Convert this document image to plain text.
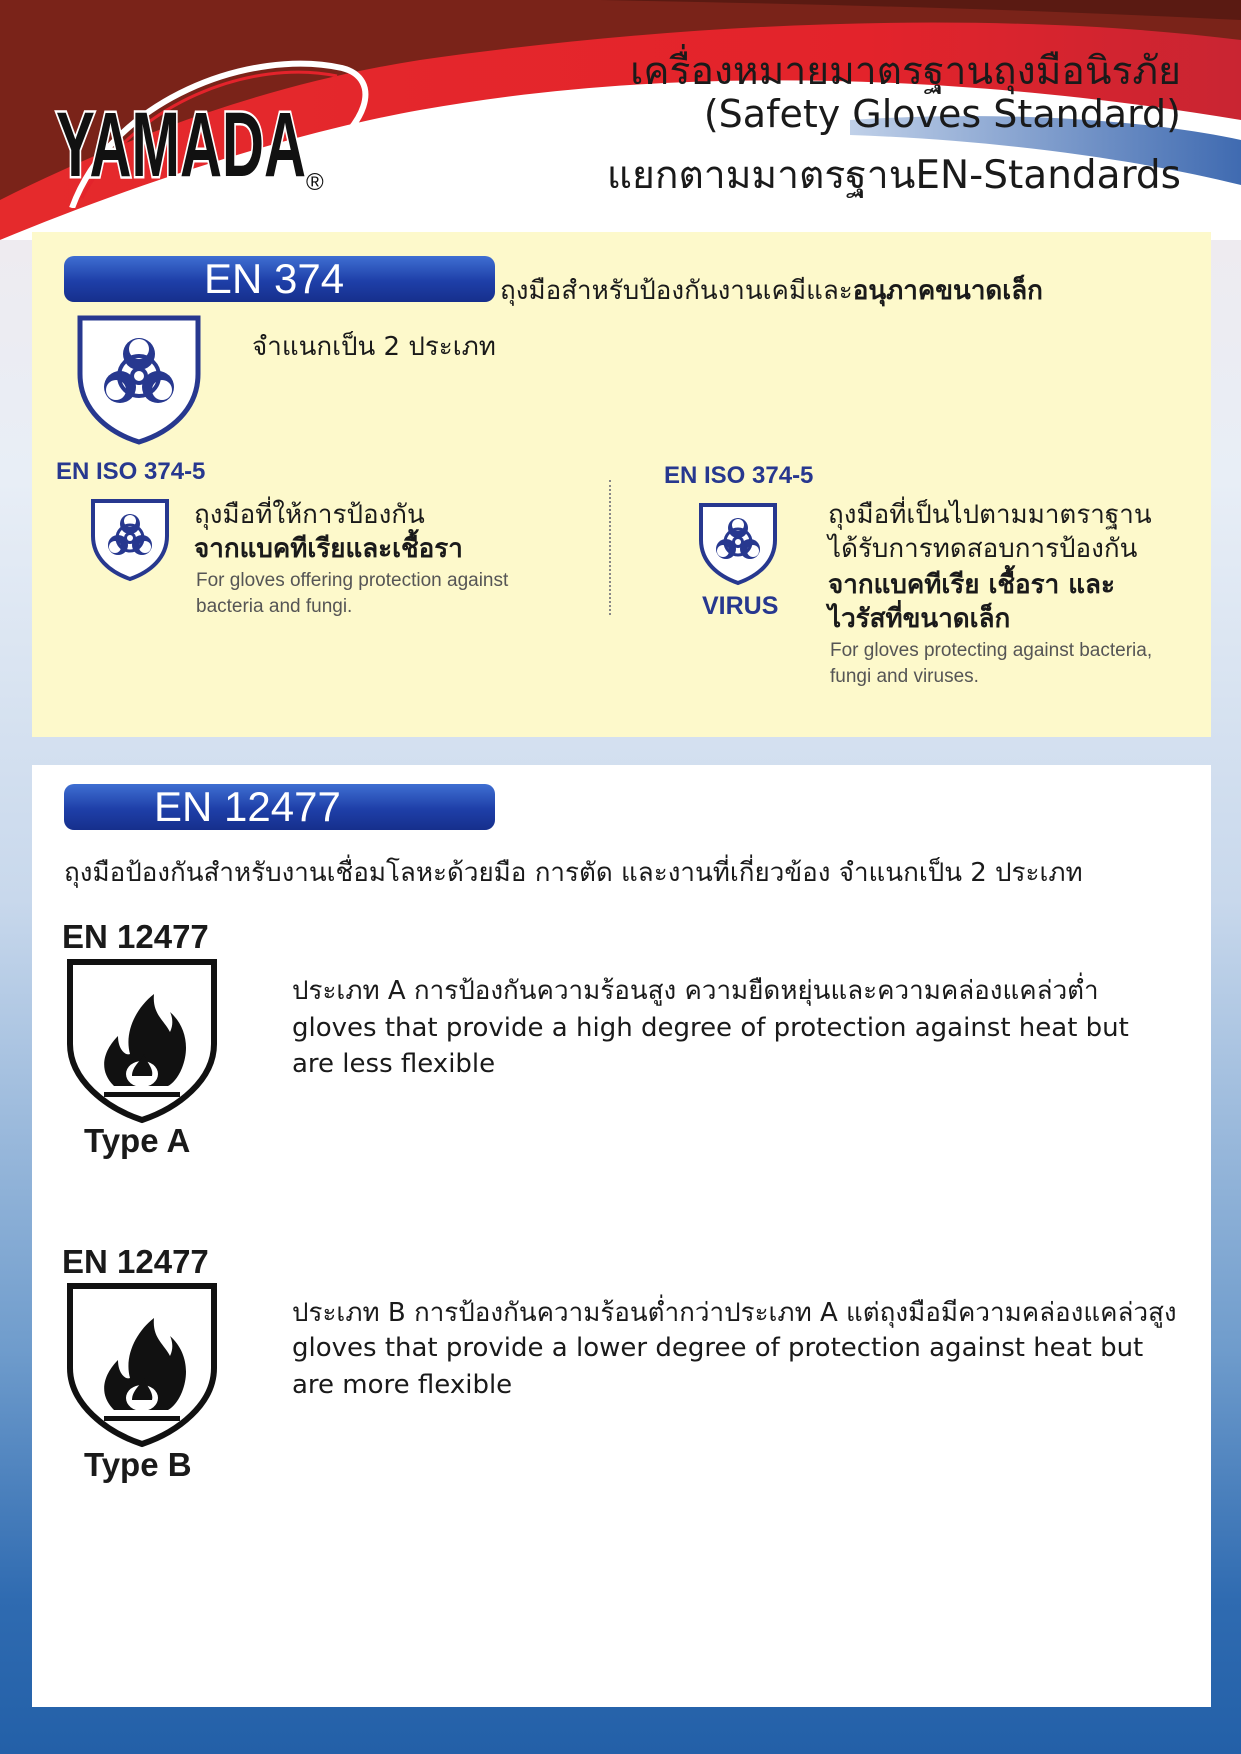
YAMADA ®
เครื่องหมายมาตรฐานถุงมือนิรภัย
(Safety Gloves Standard)
แยกตามมาตรฐานEN-Standards
EN 374	ถุงมือสำหรับป้องกันงานเคมีและอนุภาคขนาดเล็ก
จำแนกเป็น 2 ประเภท
EN ISO 374-5
ถุงมือที่ให้การป้องกัน
จากแบคทีเรียและเชื้อรา
For gloves offering protection against
bacteria and fungi.
EN ISO 374-5
VIRUS
ถุงมือที่เป็นไปตามมาตราฐาน
ได้รับการทดสอบการป้องกัน
จากแบคทีเรีย เชื้อรา และ
ไวรัสที่ขนาดเล็ก
For gloves protecting against bacteria,
fungi and viruses.
EN 12477
ถุงมือป้องกันสำหรับงานเชื่อมโลหะด้วยมือ การตัด และงานที่เกี่ยวข้อง จำแนกเป็น 2 ประเภท
EN 12477
Type A
ประเภท A การป้องกันความร้อนสูง ความยืดหยุ่นและความคล่องแคล่วต่ำ
gloves that provide a high degree of protection against heat but
are less flexible
EN 12477
Type B
ประเภท B การป้องกันความร้อนต่ำกว่าประเภท A แต่ถุงมือมีความคล่องแคล่วสูง
gloves that provide a lower degree of protection against heat but
are more flexible
